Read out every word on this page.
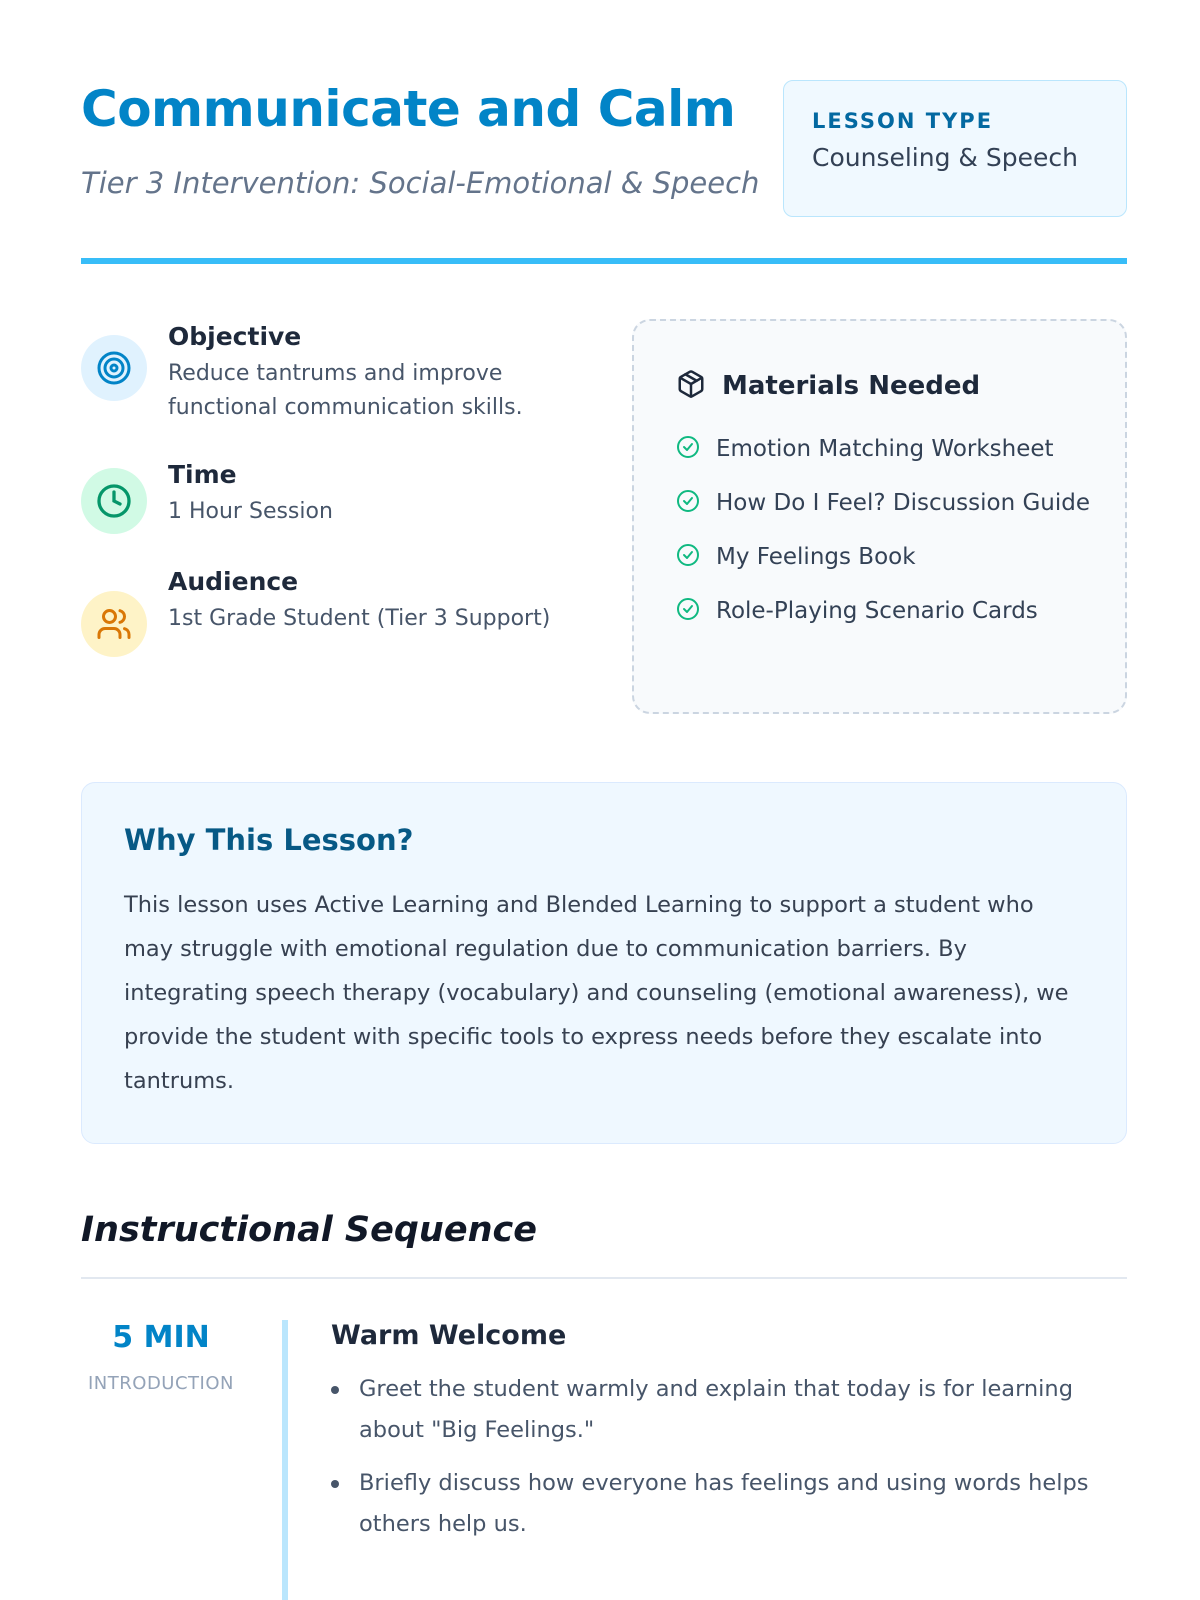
Communicate and Calm
Tier 3 Intervention: Social-Emotional & Speech
LESSON TYPE
Counseling & Speech
Objective
Reduce tantrums and improve functional communication skills.
Time
1 Hour Session
Audience
1st Grade Student (Tier 3 Support)
Materials Needed
Emotion Matching Worksheet
How Do I Feel? Discussion Guide
My Feelings Book
Role-Playing Scenario Cards
Why This Lesson?

This lesson uses Active Learning and Blended Learning to support a student who may struggle with emotional regulation due to communication barriers. By integrating speech therapy (vocabulary) and counseling (emotional awareness), we provide the student with specific tools to express needs before they escalate into tantrums.

Instructional Sequence
5 MIN
INTRODUCTION
Warm Welcome
Greet the student warmly and explain that today is for learning about "Big Feelings."
Briefly discuss how everyone has feelings and using words helps others help us.
